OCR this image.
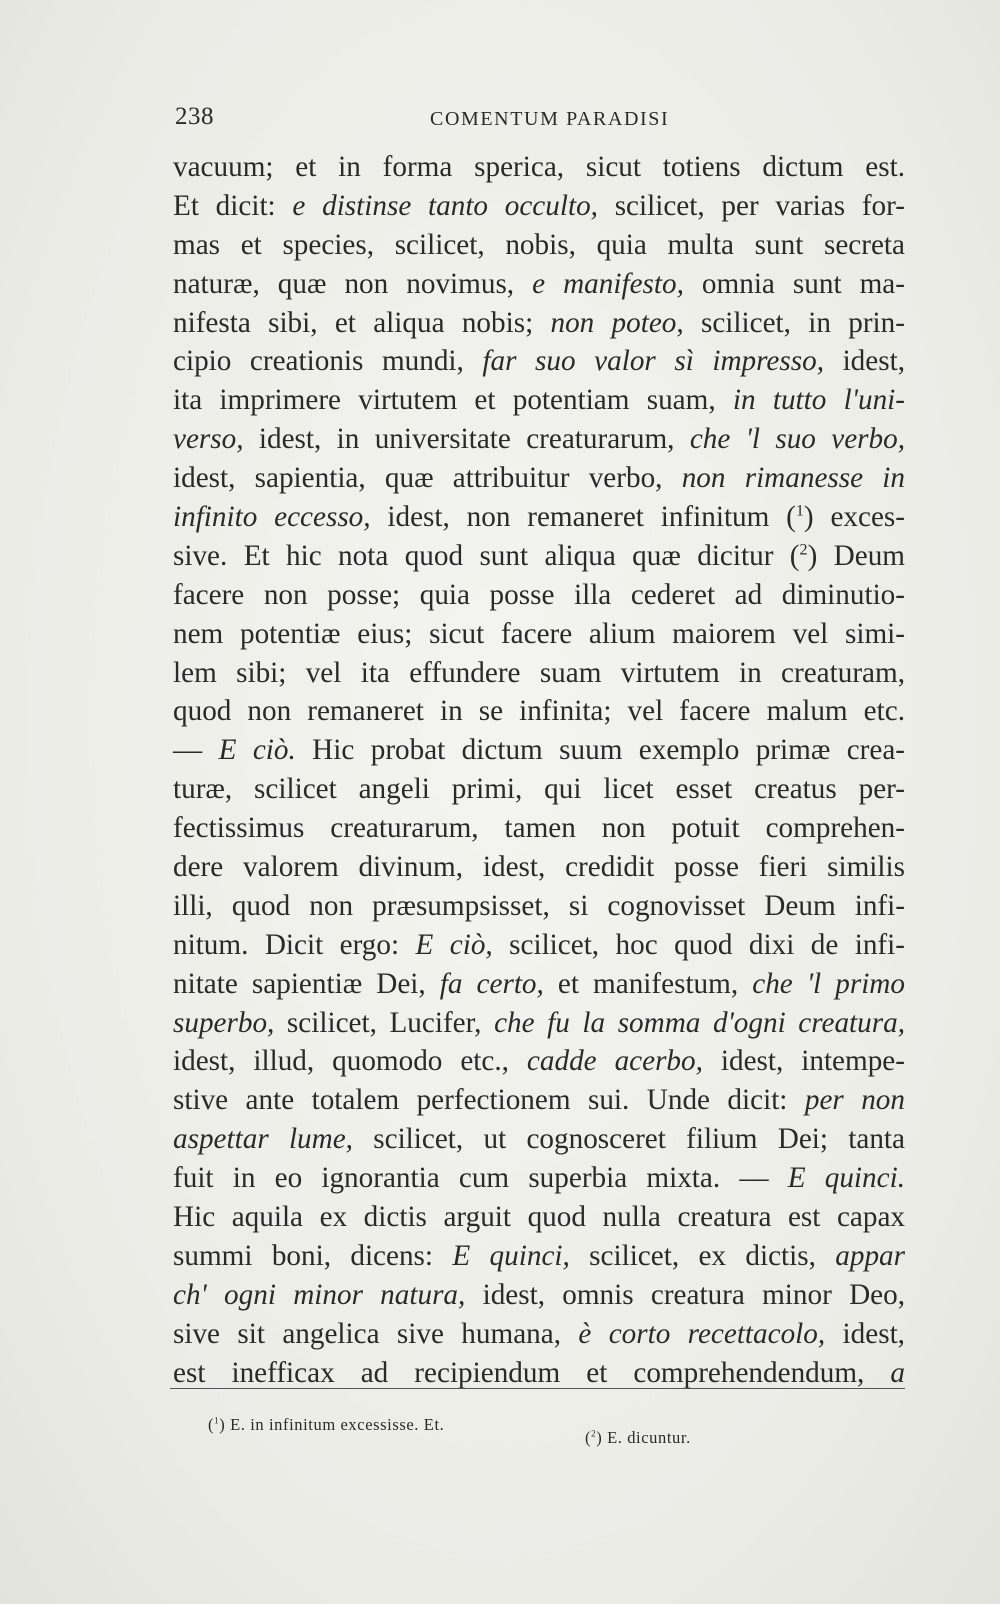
238	COMENTUM PARADISI
vacuum; et in forma sperica, sicut totiens dictum est.
Et dicit: e distinse tanto occulto, scilicet, per varias for-
mas et species, scilicet, nobis, quia multa sunt secreta
naturæ, quæ non novimus, e manifesto, omnia sunt ma-
nifesta sibi, et aliqua nobis; non poteo, scilicet, in prin-
cipio creationis mundi, far suo valor sì impresso, idest,
ita imprimere virtutem et potentiam suam, in tutto l'uni-
verso, idest, in universitate creaturarum, che 'l suo verbo,
idest, sapientia, quæ attribuitur verbo, non rimanesse in
infinito eccesso, idest, non remaneret infinitum ($^1$) exces-
sive. Et hic nota quod sunt aliqua quæ dicitur ($^2$) Deum
facere non posse; quia posse illa cederet ad diminutio-
nem potentiæ eius; sicut facere alium maiorem vel simi-
lem sibi; vel ita effundere suam virtutem in creaturam,
quod non remaneret in se infinita; vel facere malum etc.
— E ciò. Hic probat dictum suum exemplo primæ crea-
turæ, scilicet angeli primi, qui licet esset creatus per-
fectissimus creaturarum, tamen non potuit comprehen-
dere valorem divinum, idest, credidit posse fieri similis
illi, quod non præsumpsisset, si cognovisset Deum infi-
nitum. Dicit ergo: E ciò, scilicet, hoc quod dixi de infi-
nitate sapientiæ Dei, fa certo, et manifestum, che 'l primo
superbo, scilicet, Lucifer, che fu la somma d'ogni creatura,
idest, illud, quomodo etc., cadde acerbo, idest, intempe-
stive ante totalem perfectionem sui. Unde dicit: per non
aspettar lume, scilicet, ut cognosceret filium Dei; tanta
fuit in eo ignorantia cum superbia mixta. — E quinci.
Hic aquila ex dictis arguit quod nulla creatura est capax
summi boni, dicens: E quinci, scilicet, ex dictis, appar
ch' ogni minor natura, idest, omnis creatura minor Deo,
sive sit angelica sive humana, è corto recettacolo, idest,
est inefficax ad recipiendum et comprehendendum, a
($^1$) E. in infinitum excessisse. Et.
($^2$) E. dicuntur.
